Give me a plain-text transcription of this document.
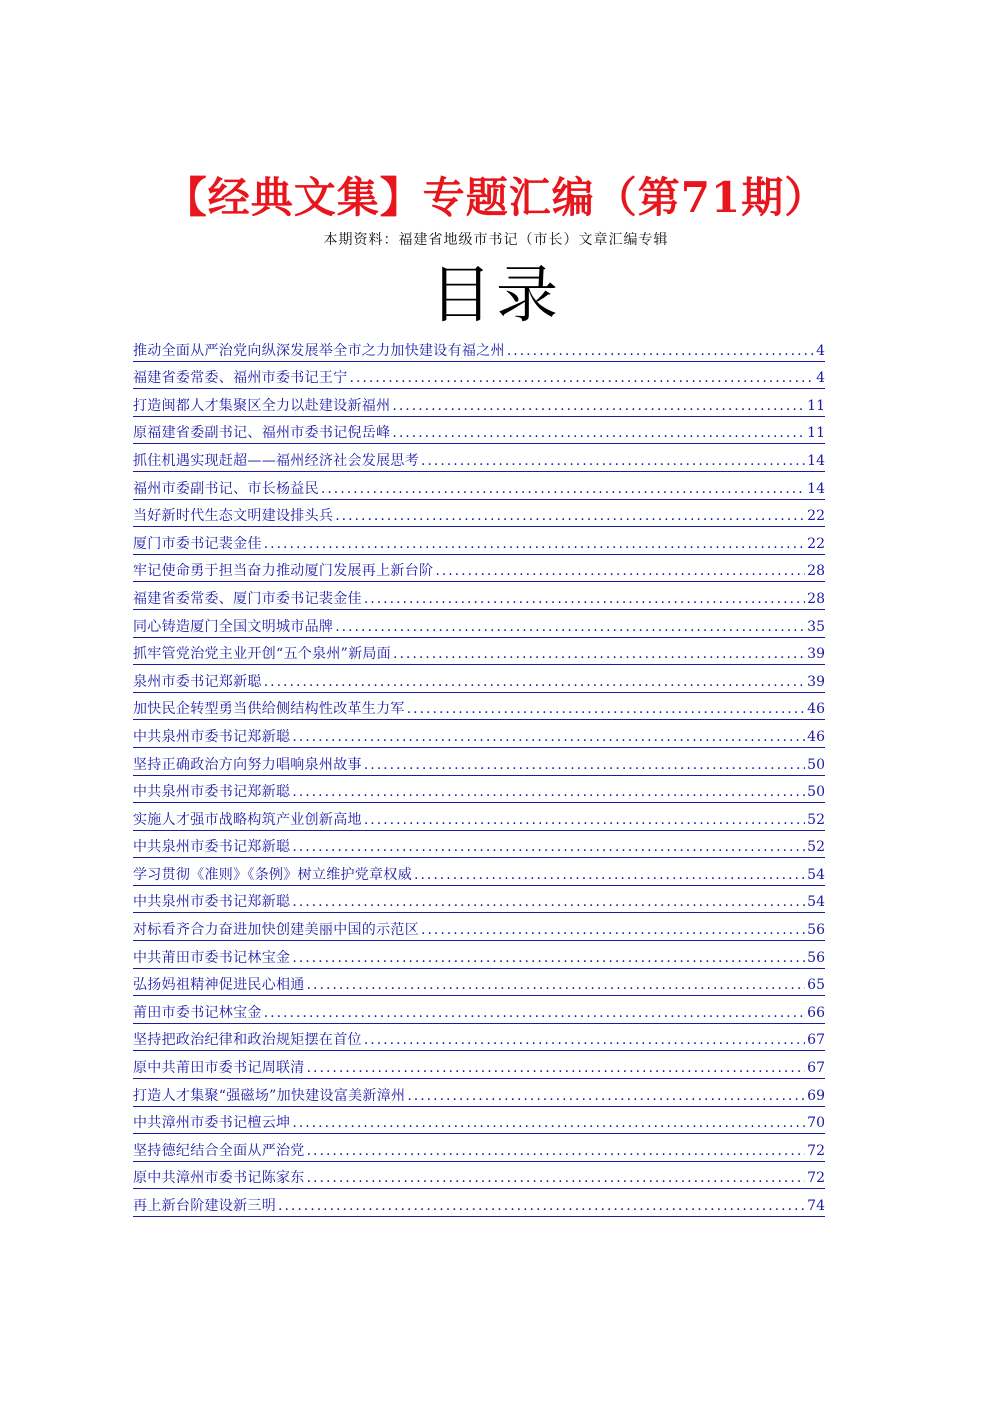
【经典文集】专题汇编（第71期）
本期资料：福建省地级市书记（市长）文章汇编专辑
目录
推动全面从严治党向纵深发展举全市之力加快建设有福之州 .....	4
福建省委常委、福州市委书记王宁 .....	4
打造闽都人才集聚区全力以赴建设新福州 .....	11
原福建省委副书记、福州市委书记倪岳峰 .....	11
抓住机遇实现赶超——福州经济社会发展思考 .....	14
福州市委副书记、市长杨益民 .....	14
当好新时代生态文明建设排头兵 .....	22
厦门市委书记裴金佳 .....	22
牢记使命勇于担当奋力推动厦门发展再上新台阶 .....	28
福建省委常委、厦门市委书记裴金佳 .....	28
同心铸造厦门全国文明城市品牌 .....	35
抓牢管党治党主业开创“五个泉州”新局面 .....	39
泉州市委书记郑新聪 .....	39
加快民企转型勇当供给侧结构性改革生力军 .....	46
中共泉州市委书记郑新聪 .....	46
坚持正确政治方向努力唱响泉州故事 .....	50
中共泉州市委书记郑新聪 .....	50
实施人才强市战略构筑产业创新高地 .....	52
中共泉州市委书记郑新聪 .....	52
学习贯彻《准则》《条例》树立维护党章权威 .....	54
中共泉州市委书记郑新聪 .....	54
对标看齐合力奋进加快创建美丽中国的示范区 .....	56
中共莆田市委书记林宝金 .....	56
弘扬妈祖精神促进民心相通 .....	65
莆田市委书记林宝金 .....	66
坚持把政治纪律和政治规矩摆在首位 .....	67
原中共莆田市委书记周联清 .....	67
打造人才集聚“强磁场”加快建设富美新漳州 .....	69
中共漳州市委书记檀云坤 .....	70
坚持德纪结合全面从严治党 .....	72
原中共漳州市委书记陈家东 .....	72
再上新台阶建设新三明 .....	74
